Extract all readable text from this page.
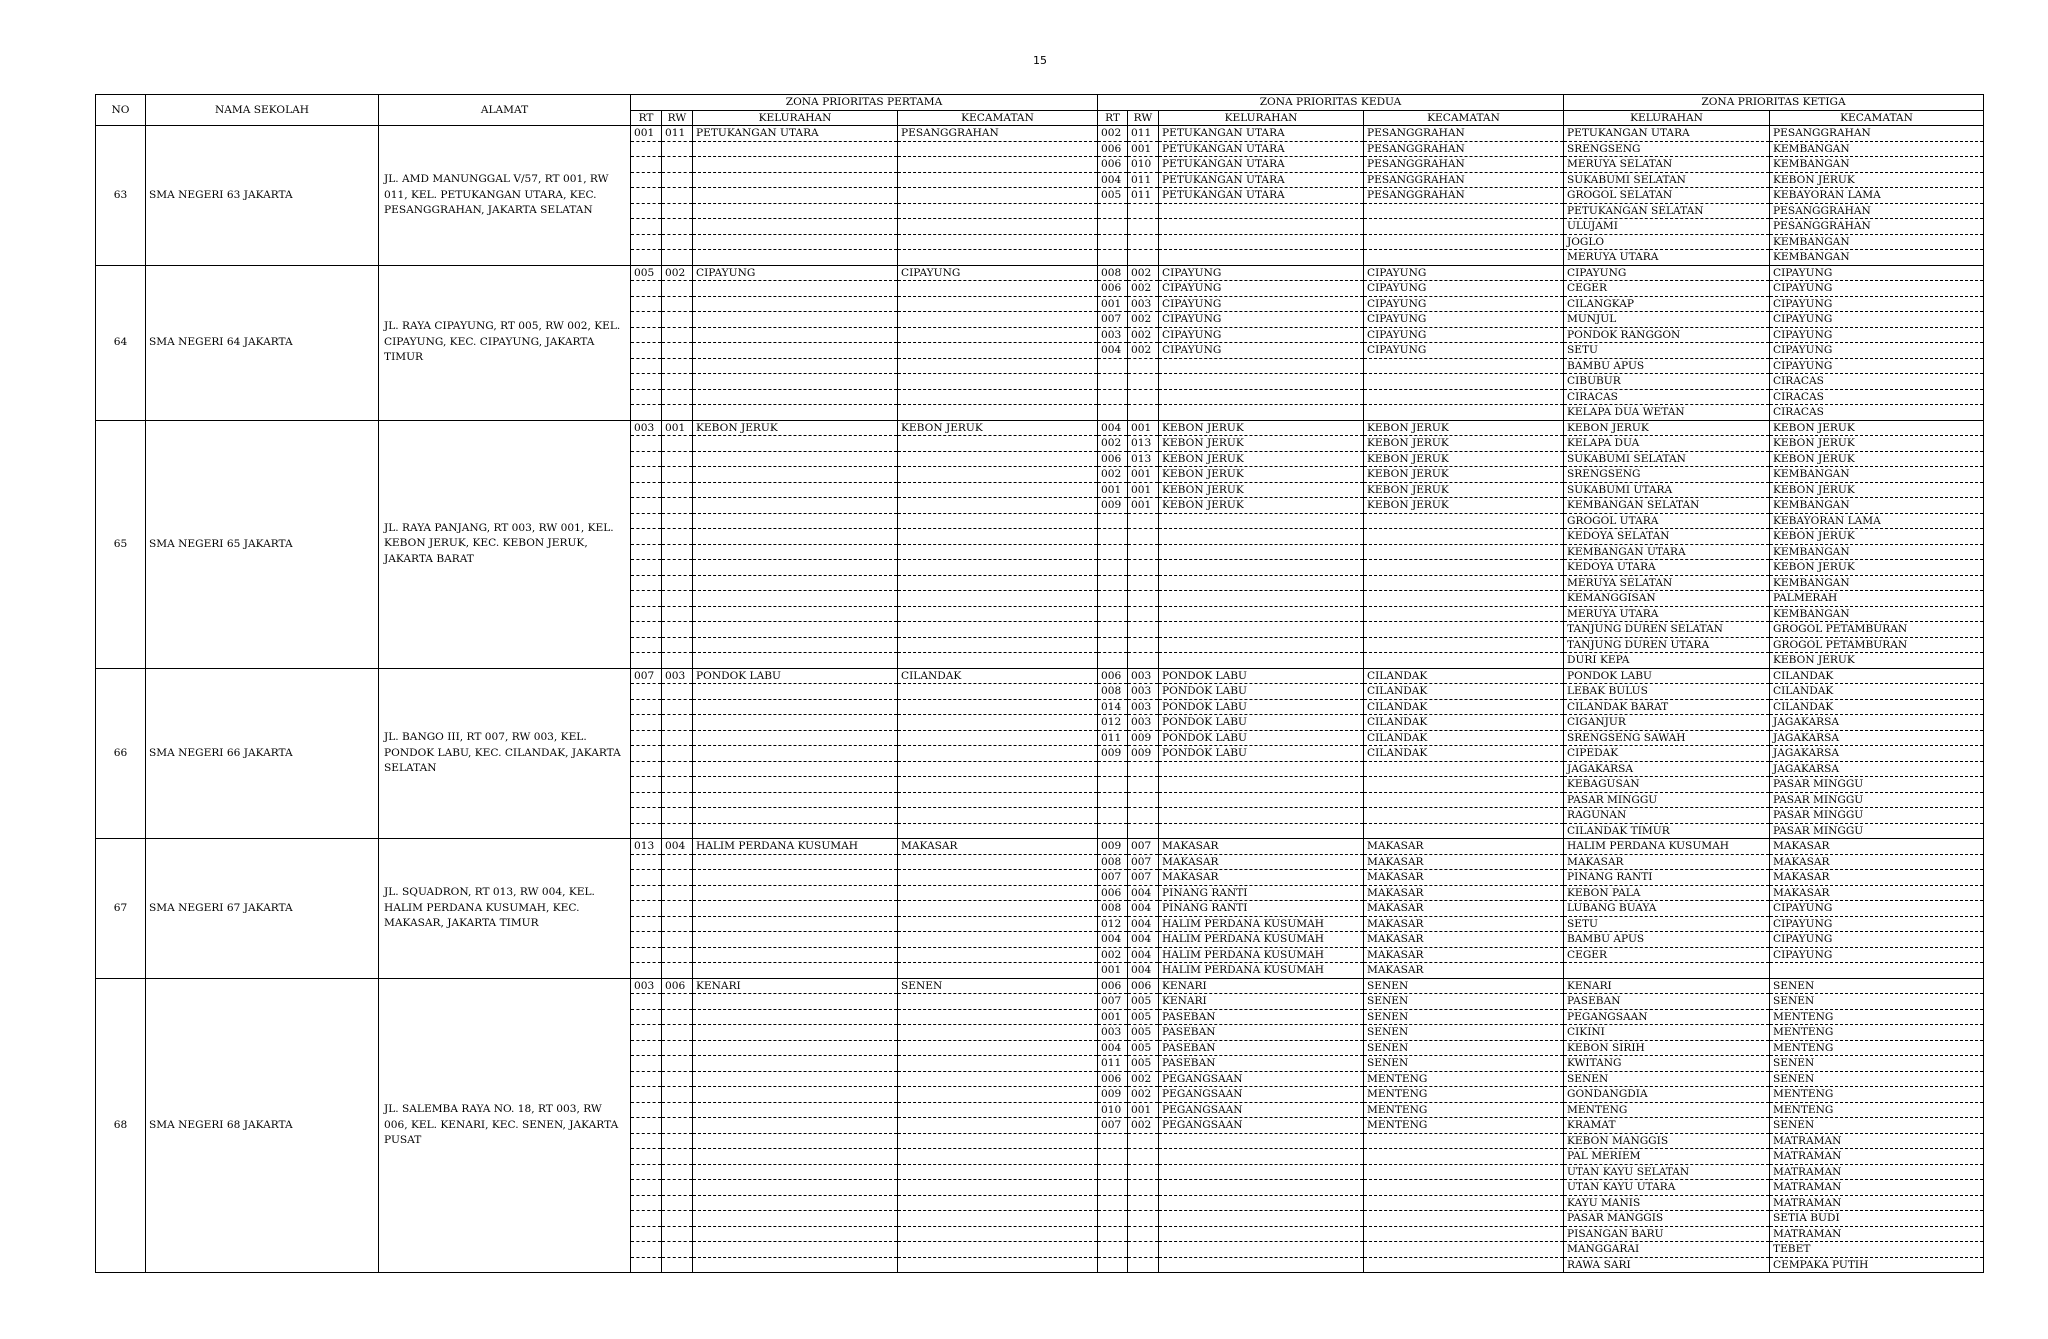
15
NO	NAMA SEKOLAH	ALAMAT	ZONA PRIORITAS PERTAMA				ZONA PRIORITAS KEDUA				ZONA PRIORITAS KETIGA	
			RT	RW	KELURAHAN	KECAMATAN	RT	RW	KELURAHAN	KECAMATAN	KELURAHAN	KECAMATAN
63	SMA NEGERI 63 JAKARTA	JL. AMD MANUNGGAL V/57, RT 001, RW 011, KEL. PETUKANGAN UTARA, KEC. PESANGGRAHAN, JAKARTA SELATAN	001	011	PETUKANGAN UTARA	PESANGGRAHAN	002	011	PETUKANGAN UTARA	PESANGGRAHAN	PETUKANGAN UTARA	PESANGGRAHAN
							006	001	PETUKANGAN UTARA	PESANGGRAHAN	SRENGSENG	KEMBANGAN
							006	010	PETUKANGAN UTARA	PESANGGRAHAN	MERUYA SELATAN	KEMBANGAN
							004	011	PETUKANGAN UTARA	PESANGGRAHAN	SUKABUMI SELATAN	KEBON JERUK
							005	011	PETUKANGAN UTARA	PESANGGRAHAN	GROGOL SELATAN	KEBAYORAN LAMA
											PETUKANGAN SELATAN	PESANGGRAHAN
											ULUJAMI	PESANGGRAHAN
											JOGLO	KEMBANGAN
											MERUYA UTARA	KEMBANGAN
64	SMA NEGERI 64 JAKARTA	JL. RAYA CIPAYUNG, RT 005, RW 002, KEL. CIPAYUNG, KEC. CIPAYUNG, JAKARTA TIMUR	005	002	CIPAYUNG	CIPAYUNG	008	002	CIPAYUNG	CIPAYUNG	CIPAYUNG	CIPAYUNG
							006	002	CIPAYUNG	CIPAYUNG	CEGER	CIPAYUNG
							001	003	CIPAYUNG	CIPAYUNG	CILANGKAP	CIPAYUNG
							007	002	CIPAYUNG	CIPAYUNG	MUNJUL	CIPAYUNG
							003	002	CIPAYUNG	CIPAYUNG	PONDOK RANGGON	CIPAYUNG
							004	002	CIPAYUNG	CIPAYUNG	SETU	CIPAYUNG
											BAMBU APUS	CIPAYUNG
											CIBUBUR	CIRACAS
											CIRACAS	CIRACAS
											KELAPA DUA WETAN	CIRACAS
65	SMA NEGERI 65 JAKARTA	JL. RAYA PANJANG, RT 003, RW 001, KEL. KEBON JERUK, KEC. KEBON JERUK, JAKARTA BARAT	003	001	KEBON JERUK	KEBON JERUK	004	001	KEBON JERUK	KEBON JERUK	KEBON JERUK	KEBON JERUK
							002	013	KEBON JERUK	KEBON JERUK	KELAPA DUA	KEBON JERUK
							006	013	KEBON JERUK	KEBON JERUK	SUKABUMI SELATAN	KEBON JERUK
							002	001	KEBON JERUK	KEBON JERUK	SRENGSENG	KEMBANGAN
							001	001	KEBON JERUK	KEBON JERUK	SUKABUMI UTARA	KEBON JERUK
							009	001	KEBON JERUK	KEBON JERUK	KEMBANGAN SELATAN	KEMBANGAN
											GROGOL UTARA	KEBAYORAN LAMA
											KEDOYA SELATAN	KEBON JERUK
											KEMBANGAN UTARA	KEMBANGAN
											KEDOYA UTARA	KEBON JERUK
											MERUYA SELATAN	KEMBANGAN
											KEMANGGISAN	PALMERAH
											MERUYA UTARA	KEMBANGAN
											TANJUNG DUREN SELATAN	GROGOL PETAMBURAN
											TANJUNG DUREN UTARA	GROGOL PETAMBURAN
											DURI KEPA	KEBON JERUK
66	SMA NEGERI 66 JAKARTA	JL. BANGO III, RT 007, RW 003, KEL. PONDOK LABU, KEC. CILANDAK, JAKARTA SELATAN	007	003	PONDOK LABU	CILANDAK	006	003	PONDOK LABU	CILANDAK	PONDOK LABU	CILANDAK
							008	003	PONDOK LABU	CILANDAK	LEBAK BULUS	CILANDAK
							014	003	PONDOK LABU	CILANDAK	CILANDAK BARAT	CILANDAK
							012	003	PONDOK LABU	CILANDAK	CIGANJUR	JAGAKARSA
							011	009	PONDOK LABU	CILANDAK	SRENGSENG SAWAH	JAGAKARSA
							009	009	PONDOK LABU	CILANDAK	CIPEDAK	JAGAKARSA
											JAGAKARSA	JAGAKARSA
											KEBAGUSAN	PASAR MINGGU
											PASAR MINGGU	PASAR MINGGU
											RAGUNAN	PASAR MINGGU
											CILANDAK TIMUR	PASAR MINGGU
67	SMA NEGERI 67 JAKARTA	JL. SQUADRON, RT 013, RW 004, KEL. HALIM PERDANA KUSUMAH, KEC. MAKASAR, JAKARTA TIMUR	013	004	HALIM PERDANA KUSUMAH	MAKASAR	009	007	MAKASAR	MAKASAR	HALIM PERDANA KUSUMAH	MAKASAR
							008	007	MAKASAR	MAKASAR	MAKASAR	MAKASAR
							007	007	MAKASAR	MAKASAR	PINANG RANTI	MAKASAR
							006	004	PINANG RANTI	MAKASAR	KEBON PALA	MAKASAR
							008	004	PINANG RANTI	MAKASAR	LUBANG BUAYA	CIPAYUNG
							012	004	HALIM PERDANA KUSUMAH	MAKASAR	SETU	CIPAYUNG
							004	004	HALIM PERDANA KUSUMAH	MAKASAR	BAMBU APUS	CIPAYUNG
							002	004	HALIM PERDANA KUSUMAH	MAKASAR	CEGER	CIPAYUNG
							001	004	HALIM PERDANA KUSUMAH	MAKASAR		
68	SMA NEGERI 68 JAKARTA	JL. SALEMBA RAYA NO. 18, RT 003, RW 006, KEL. KENARI, KEC. SENEN, JAKARTA PUSAT	003	006	KENARI	SENEN	006	006	KENARI	SENEN	KENARI	SENEN
							007	005	KENARI	SENEN	PASEBAN	SENEN
							001	005	PASEBAN	SENEN	PEGANGSAAN	MENTENG
							003	005	PASEBAN	SENEN	CIKINI	MENTENG
							004	005	PASEBAN	SENEN	KEBON SIRIH	MENTENG
							011	005	PASEBAN	SENEN	KWITANG	SENEN
							006	002	PEGANGSAAN	MENTENG	SENEN	SENEN
							009	002	PEGANGSAAN	MENTENG	GONDANGDIA	MENTENG
							010	001	PEGANGSAAN	MENTENG	MENTENG	MENTENG
							007	002	PEGANGSAAN	MENTENG	KRAMAT	SENEN
											KEBON MANGGIS	MATRAMAN
											PAL MERIEM	MATRAMAN
											UTAN KAYU SELATAN	MATRAMAN
											UTAN KAYU UTARA	MATRAMAN
											KAYU MANIS	MATRAMAN
											PASAR MANGGIS	SETIA BUDI
											PISANGAN BARU	MATRAMAN
											MANGGARAI	TEBET
											RAWA SARI	CEMPAKA PUTIH
